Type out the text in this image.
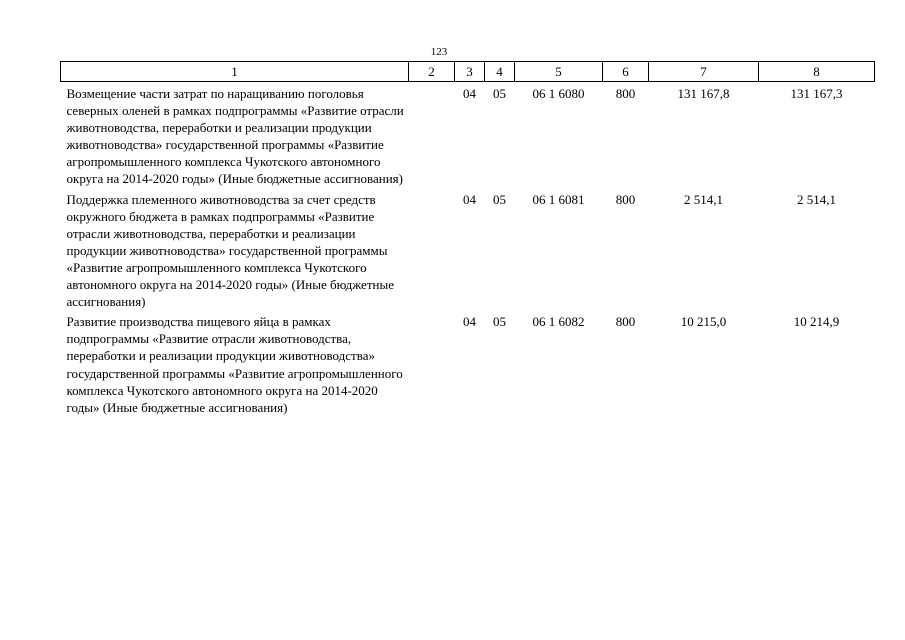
123
1	2	3	4	5	6	7	8
Возмещение части затрат по наращиванию поголовья северных оленей в рамках подпрограммы «Развитие отрасли животноводства, переработки и реализации продукции животноводства» государственной программы «Развитие агропромышленного комплекса Чукотского автономного округа на 2014-2020 годы» (Иные бюджетные ассигнования)		04	05	06 1 6080	800	131 167,8	131 167,3
Поддержка племенного животноводства за счет средств окружного бюджета в рамках подпрограммы «Развитие отрасли животноводства, переработки и реализации продукции животноводства» государственной программы «Развитие агропромышленного комплекса Чукотского автономного округа на 2014-2020 годы» (Иные бюджетные ассигнования)		04	05	06 1 6081	800	2 514,1	2 514,1
Развитие производства пищевого яйца в рамках подпрограммы «Развитие отрасли животноводства, переработки и реализации продукции животноводства» государственной программы «Развитие агропромышленного комплекса Чукотского автономного округа на 2014-2020 годы» (Иные бюджетные ассигнования)		04	05	06 1 6082	800	10 215,0	10 214,9
